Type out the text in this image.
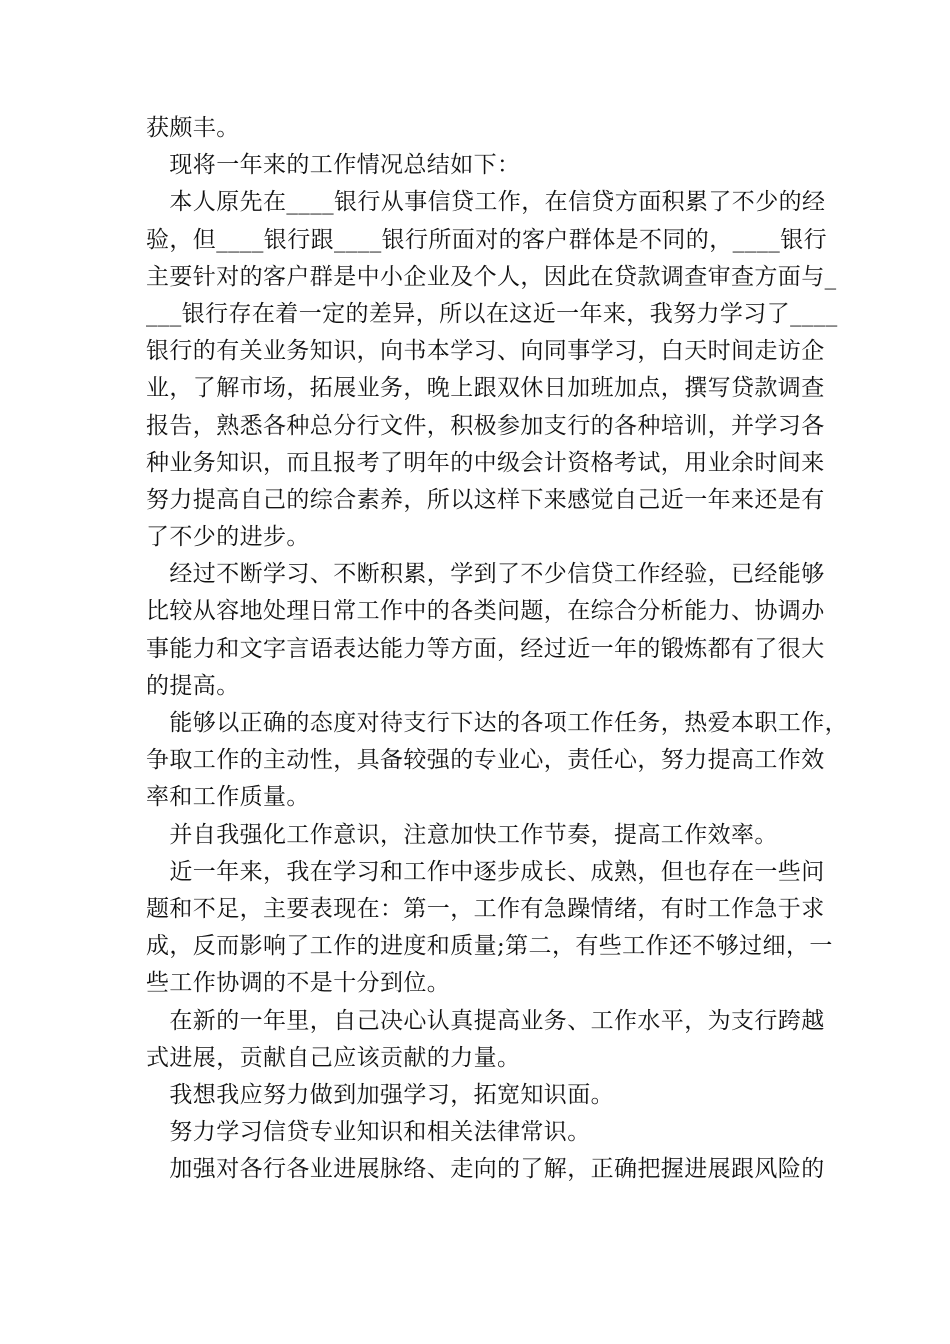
获颇丰。
　现将一年来的工作情况总结如下：
　本人原先在____银行从事信贷工作，在信贷方面积累了不少的经
验，但____银行跟____银行所面对的客户群体是不同的，____银行
主要针对的客户群是中小企业及个人，因此在贷款调查审查方面与_
___银行存在着一定的差异，所以在这近一年来，我努力学习了____
银行的有关业务知识，向书本学习、向同事学习，白天时间走访企
业，了解市场，拓展业务，晚上跟双休日加班加点，撰写贷款调查
报告，熟悉各种总分行文件，积极参加支行的各种培训，并学习各
种业务知识，而且报考了明年的中级会计资格考试，用业余时间来
努力提高自己的综合素养，所以这样下来感觉自己近一年来还是有
了不少的进步。
　经过不断学习、不断积累，学到了不少信贷工作经验，已经能够
比较从容地处理日常工作中的各类问题，在综合分析能力、协调办
事能力和文字言语表达能力等方面，经过近一年的锻炼都有了很大
的提高。
　能够以正确的态度对待支行下达的各项工作任务，热爱本职工作，
争取工作的主动性，具备较强的专业心，责任心，努力提高工作效
率和工作质量。
　并自我强化工作意识，注意加快工作节奏，提高工作效率。
　近一年来，我在学习和工作中逐步成长、成熟，但也存在一些问
题和不足，主要表现在：第一，工作有急躁情绪，有时工作急于求
成，反而影响了工作的进度和质量;第二，有些工作还不够过细，一
些工作协调的不是十分到位。
　在新的一年里，自己决心认真提高业务、工作水平，为支行跨越
式进展，贡献自己应该贡献的力量。
　我想我应努力做到加强学习，拓宽知识面。
　努力学习信贷专业知识和相关法律常识。
　加强对各行各业进展脉络、走向的了解，正确把握进展跟风险的
